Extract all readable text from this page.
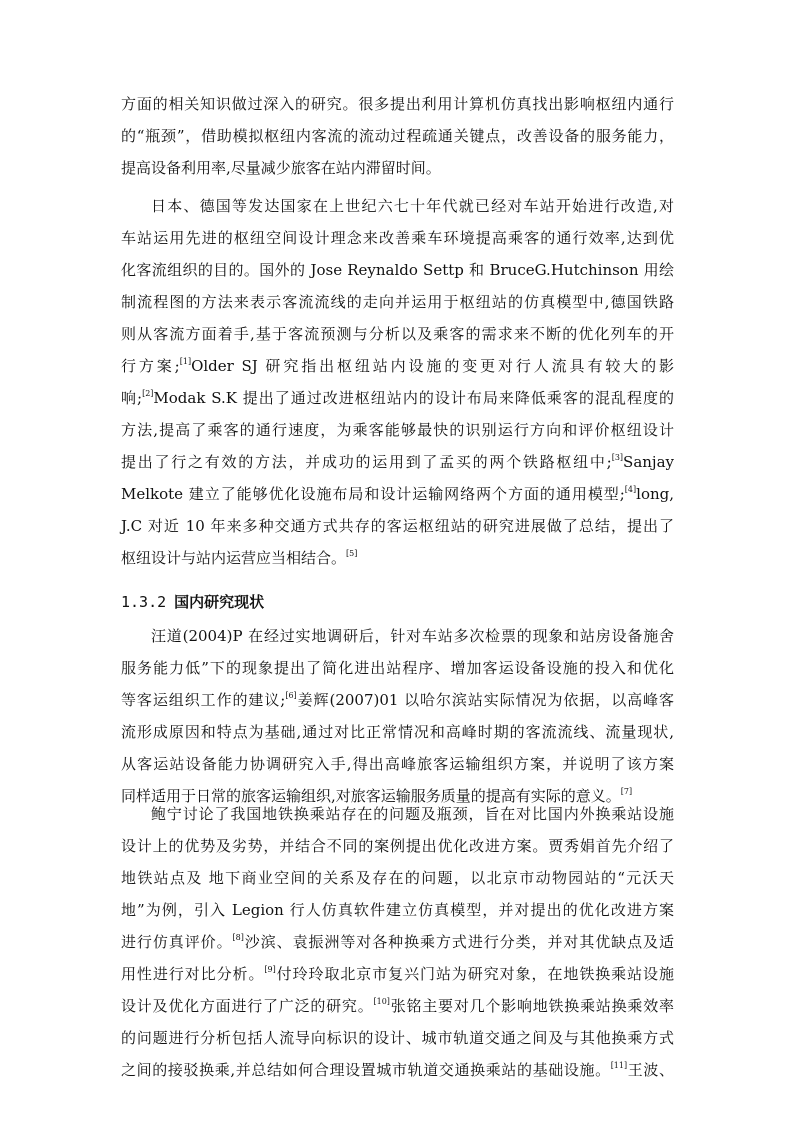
方面的相关知识做过深入的研究。很多提出利用计算机仿真找出影响枢纽内通行
的“瓶颈”，借助模拟枢纽内客流的流动过程疏通关键点，改善设备的服务能力，
提高设备利用率,尽量减少旅客在站内滞留时间。
日本、德国等发达国家在上世纪六七十年代就已经对车站开始进行改造,对
车站运用先进的枢纽空间设计理念来改善乘车环境提高乘客的通行效率,达到优
化客流组织的目的。国外的 Jose Reynaldo Settp 和 BruceG.Hutchinson 用绘
制流程图的方法来表示客流流线的走向并运用于枢纽站的仿真模型中,德国铁路
则从客流方面着手,基于客流预测与分析以及乘客的需求来不断的优化列车的开
行方案;[1]Older SJ 研究指出枢纽站内设施的变更对行人流具有较大的影
响;[2]Modak S.K 提出了通过改进枢纽站内的设计布局来降低乘客的混乱程度的
方法,提高了乘客的通行速度，为乘客能够最快的识别运行方向和评价枢纽设计
提出了行之有效的方法，并成功的运用到了孟买的两个铁路枢纽中;[3]Sanjay
Melkote 建立了能够优化设施布局和设计运输网络两个方面的通用模型;[4]long,
J.C 对近 10 年来多种交通方式共存的客运枢纽站的研究进展做了总结，提出了
枢纽设计与站内运营应当相结合。[5]
1.3.2 国内研究现状
汪道(2004)P 在经过实地调研后，针对车站多次检票的现象和站房设备施舍
服务能力低”下的现象提出了简化进出站程序、增加客运设备设施的投入和优化
等客运组织工作的建议;[6]姜辉(2007)01 以哈尔滨站实际情况为依据，以高峰客
流形成原因和特点为基础,通过对比正常情况和高峰时期的客流流线、流量现状,
从客运站设备能力协调研究入手,得出高峰旅客运输组织方案，并说明了该方案
同样适用于日常的旅客运输组织,对旅客运输服务质量的提高有实际的意义。[7]
鲍宁讨论了我国地铁换乘站存在的问题及瓶颈，旨在对比国内外换乘站设施
设计上的优势及劣势，并结合不同的案例提出优化改进方案。贾秀娟首先介绍了
地铁站点及 地下商业空间的关系及存在的问题，以北京市动物园站的“元沃天
地”为例，引入 Legion 行人仿真软件建立仿真模型，并对提出的优化改进方案
进行仿真评价。[8]沙滨、袁振洲等对各种换乘方式进行分类，并对其优缺点及适
用性进行对比分析。[9]付玲玲取北京市复兴门站为研究对象，在地铁换乘站设施
设计及优化方面进行了广泛的研究。[10]张铭主要对几个影响地铁换乘站换乘效率
的问题进行分析包括人流导向标识的设计、城市轨道交通之间及与其他换乘方式
之间的接驳换乘,并总结如何合理设置城市轨道交通换乘站的基础设施。[11]王波、
